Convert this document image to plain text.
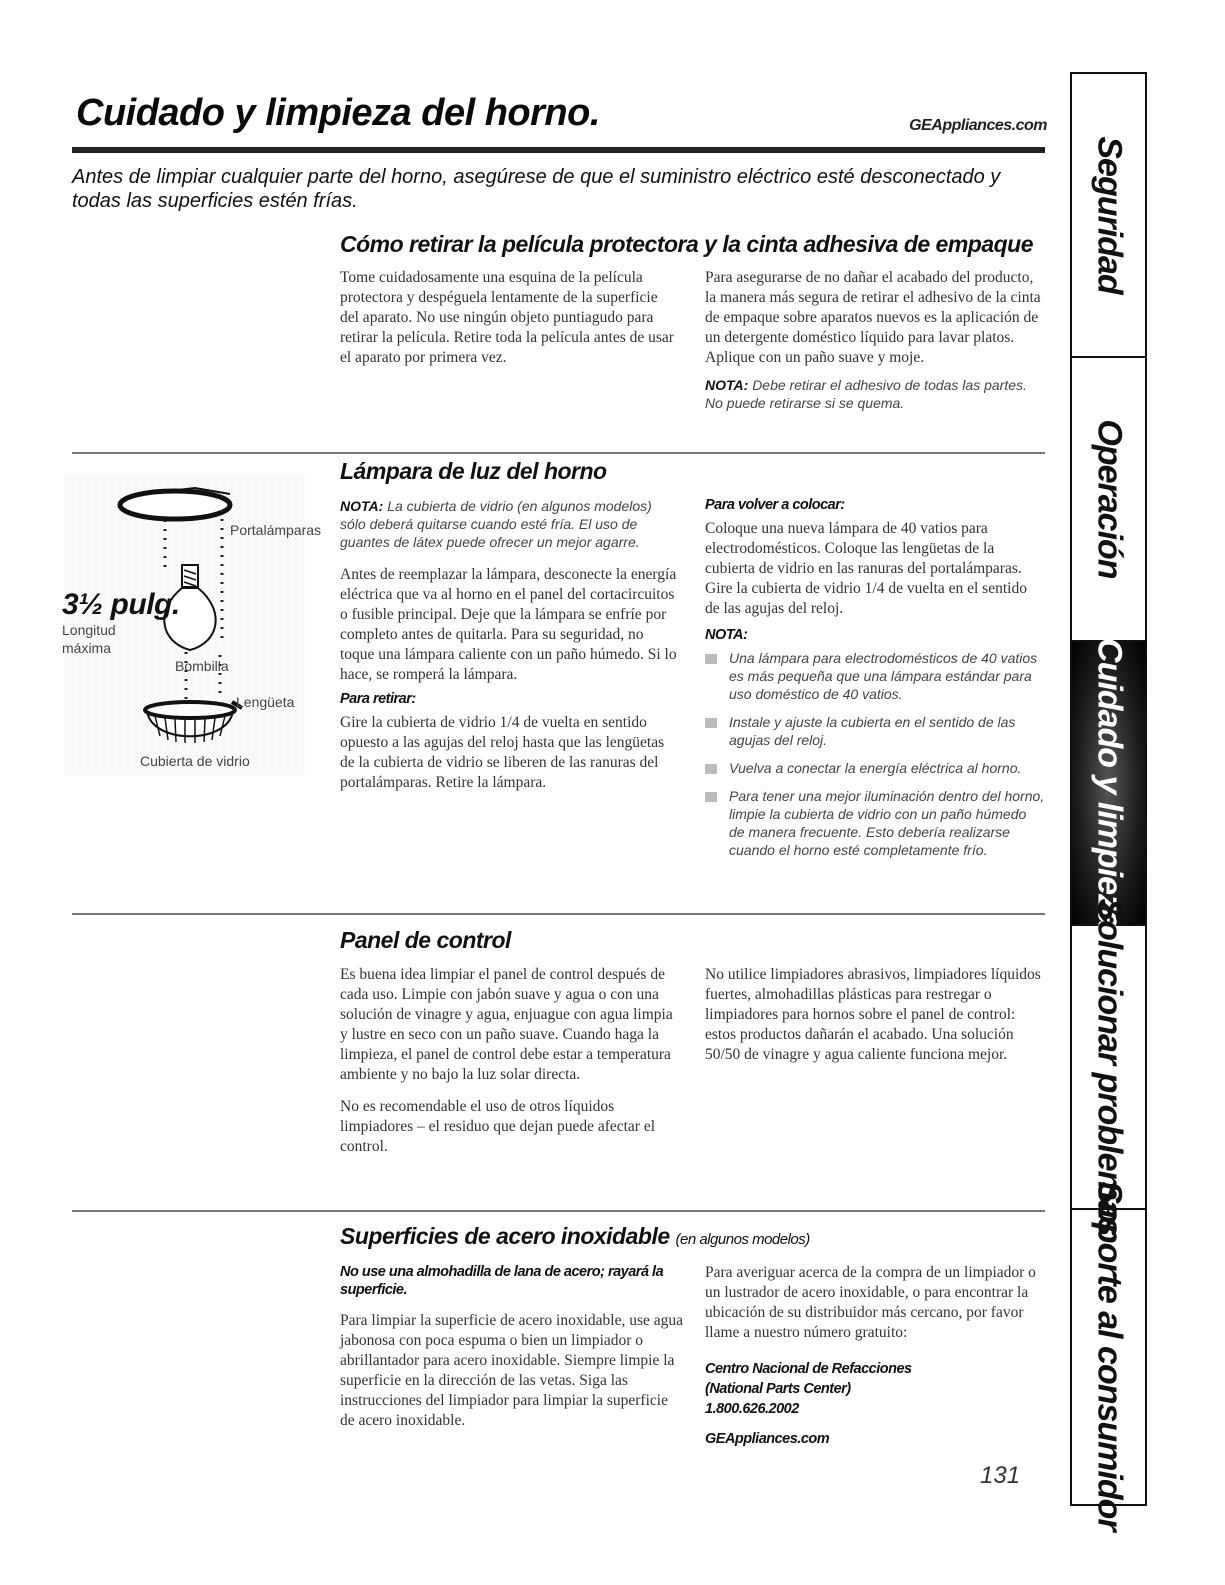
Cuidado y limpieza del horno.	GEAppliances.com
Antes de limpiar cualquier parte del horno, asegúrese de que el suministro eléctrico esté desconectado y todas las superficies estén frías.
Cómo retirar la película protectora y la cinta adhesiva de empaque

Tome cuidadosamente una esquina de la película protectora y despéguela lentamente de la superficie del aparato. No use ningún objeto puntiagudo para retirar la película. Retire toda la película antes de usar el aparato por primera vez.

Para asegurarse de no dañar el acabado del producto, la manera más segura de retirar el adhesivo de la cinta de empaque sobre aparatos nuevos es la aplicación de un detergente doméstico líquido para lavar platos. Aplique con un paño suave y moje.

NOTA: Debe retirar el adhesivo de todas las partes. No puede retirarse si se quema.
Lámpara de luz del horno
Portalámparas
3½ pulg.
Longitud
máxima
Bombilla
Lengüeta
Cubierta de vidrio
NOTA: La cubierta de vidrio (en algunos modelos) sólo deberá quitarse cuando esté fría. El uso de guantes de látex puede ofrecer un mejor agarre.

Antes de reemplazar la lámpara, desconecte la energía eléctrica que va al horno en el panel del cortacircuitos o fusible principal. Deje que la lámpara se enfríe por completo antes de quitarla. Para su seguridad, no toque una lámpara caliente con un paño húmedo. Si lo hace, se romperá la lámpara.

Para retirar:

Gire la cubierta de vidrio 1/4 de vuelta en sentido opuesto a las agujas del reloj hasta que las lengüetas de la cubierta de vidrio se liberen de las ranuras del portalámparas. Retire la lámpara.

Para volver a colocar:

Coloque una nueva lámpara de 40 vatios para electrodomésticos. Coloque las lengüetas de la cubierta de vidrio en las ranuras del portalámparas. Gire la cubierta de vidrio 1/4 de vuelta en el sentido de las agujas del reloj.

NOTA:
Una lámpara para electrodomésticos de 40 vatios es más pequeña que una lámpara estándar para uso doméstico de 40 vatios.
Instale y ajuste la cubierta en el sentido de las agujas del reloj.
Vuelva a conectar la energía eléctrica al horno.
Para tener una mejor iluminación dentro del horno, limpie la cubierta de vidrio con un paño húmedo de manera frecuente. Esto debería realizarse cuando el horno esté completamente frío.
Panel de control

Es buena idea limpiar el panel de control después de cada uso. Limpie con jabón suave y agua o con una solución de vinagre y agua, enjuague con agua limpia y lustre en seco con un paño suave. Cuando haga la limpieza, el panel de control debe estar a temperatura ambiente y no bajo la luz solar directa.

No es recomendable el uso de otros líquidos limpiadores – el residuo que dejan puede afectar el control.

No utilice limpiadores abrasivos, limpiadores líquidos fuertes, almohadillas plásticas para restregar o limpiadores para hornos sobre el panel de control: estos productos dañarán el acabado. Una solución 50/50 de vinagre y agua caliente funciona mejor.

Superficies de acero inoxidable (en algunos modelos)
No use una almohadilla de lana de acero; rayará la superficie.

Para limpiar la superficie de acero inoxidable, use agua jabonosa con poca espuma o bien un limpiador o abrillantador para acero inoxidable. Siempre limpie la superficie en la dirección de las vetas. Siga las instrucciones del limpiador para limpiar la superficie de acero inoxidable.

Para averiguar acerca de la compra de un limpiador o un lustrador de acero inoxidable, o para encontrar la ubicación de su distribuidor más cercano, por favor llame a nuestro número gratuito:

Centro Nacional de Refacciones
(National Parts Center)
1.800.626.2002
GEAppliances.com
131
Seguridad
Operación
Cuidado y limpieza
Solucionar problemas
Soporte al consumidor
